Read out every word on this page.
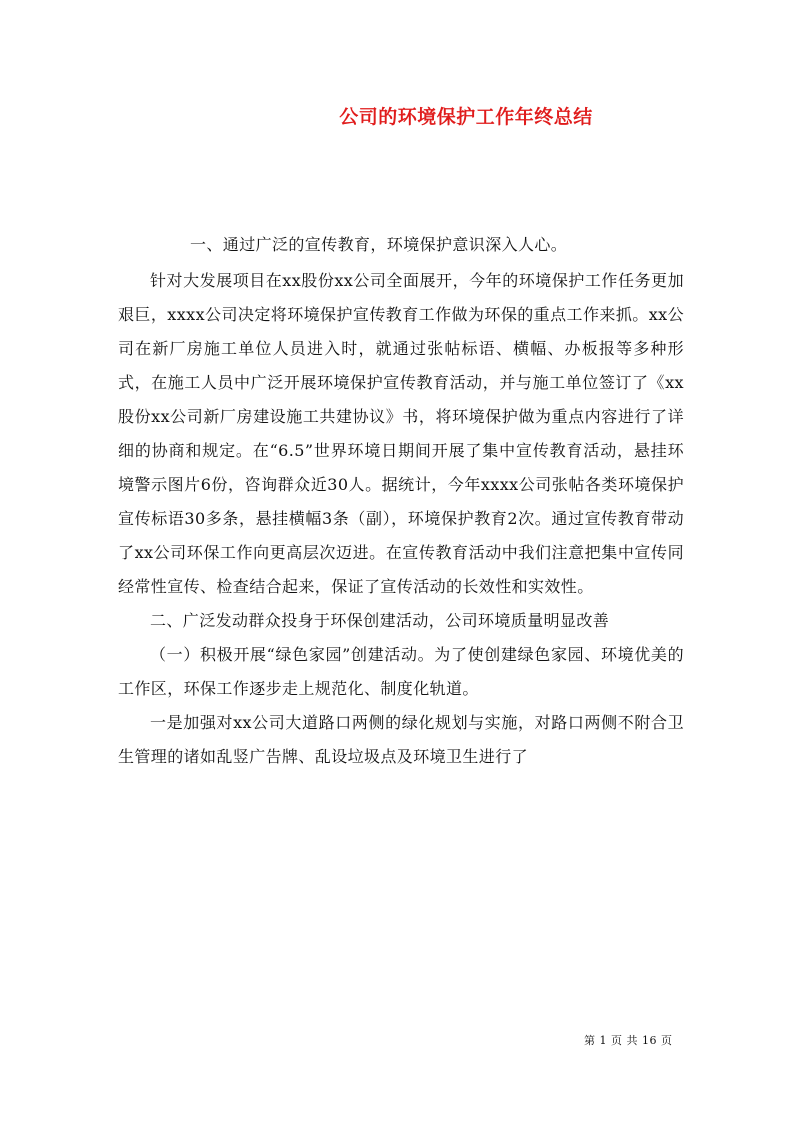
公司的环境保护工作年终总结

一、通过广泛的宣传教育，环境保护意识深入人心。

针对大发展项目在xx股份xx公司全面展开，今年的环境保护工作任务更加艰巨，xxxx公司决定将环境保护宣传教育工作做为环保的重点工作来抓。xx公司在新厂房施工单位人员进入时，就通过张帖标语、横幅、办板报等多种形式，在施工人员中广泛开展环境保护宣传教育活动，并与施工单位签订了《xx股份xx公司新厂房建设施工共建协议》书，将环境保护做为重点内容进行了详细的协商和规定。在“6.5”世界环境日期间开展了集中宣传教育活动，悬挂环境警示图片6份，咨询群众近30人。据统计，今年xxxx公司张帖各类环境保护宣传标语30多条，悬挂横幅3条（副），环境保护教育2次。通过宣传教育带动了xx公司环保工作向更高层次迈进。在宣传教育活动中我们注意把集中宣传同经常性宣传、检查结合起来，保证了宣传活动的长效性和实效性。

二、广泛发动群众投身于环保创建活动，公司环境质量明显改善

（一）积极开展“绿色家园”创建活动。为了使创建绿色家园、环境优美的工作区，环保工作逐步走上规范化、制度化轨道。

一是加强对xx公司大道路口两侧的绿化规划与实施，对路口两侧不附合卫生管理的诸如乱竖广告牌、乱设垃圾点及环境卫生进行了

第 1 页 共 16 页
